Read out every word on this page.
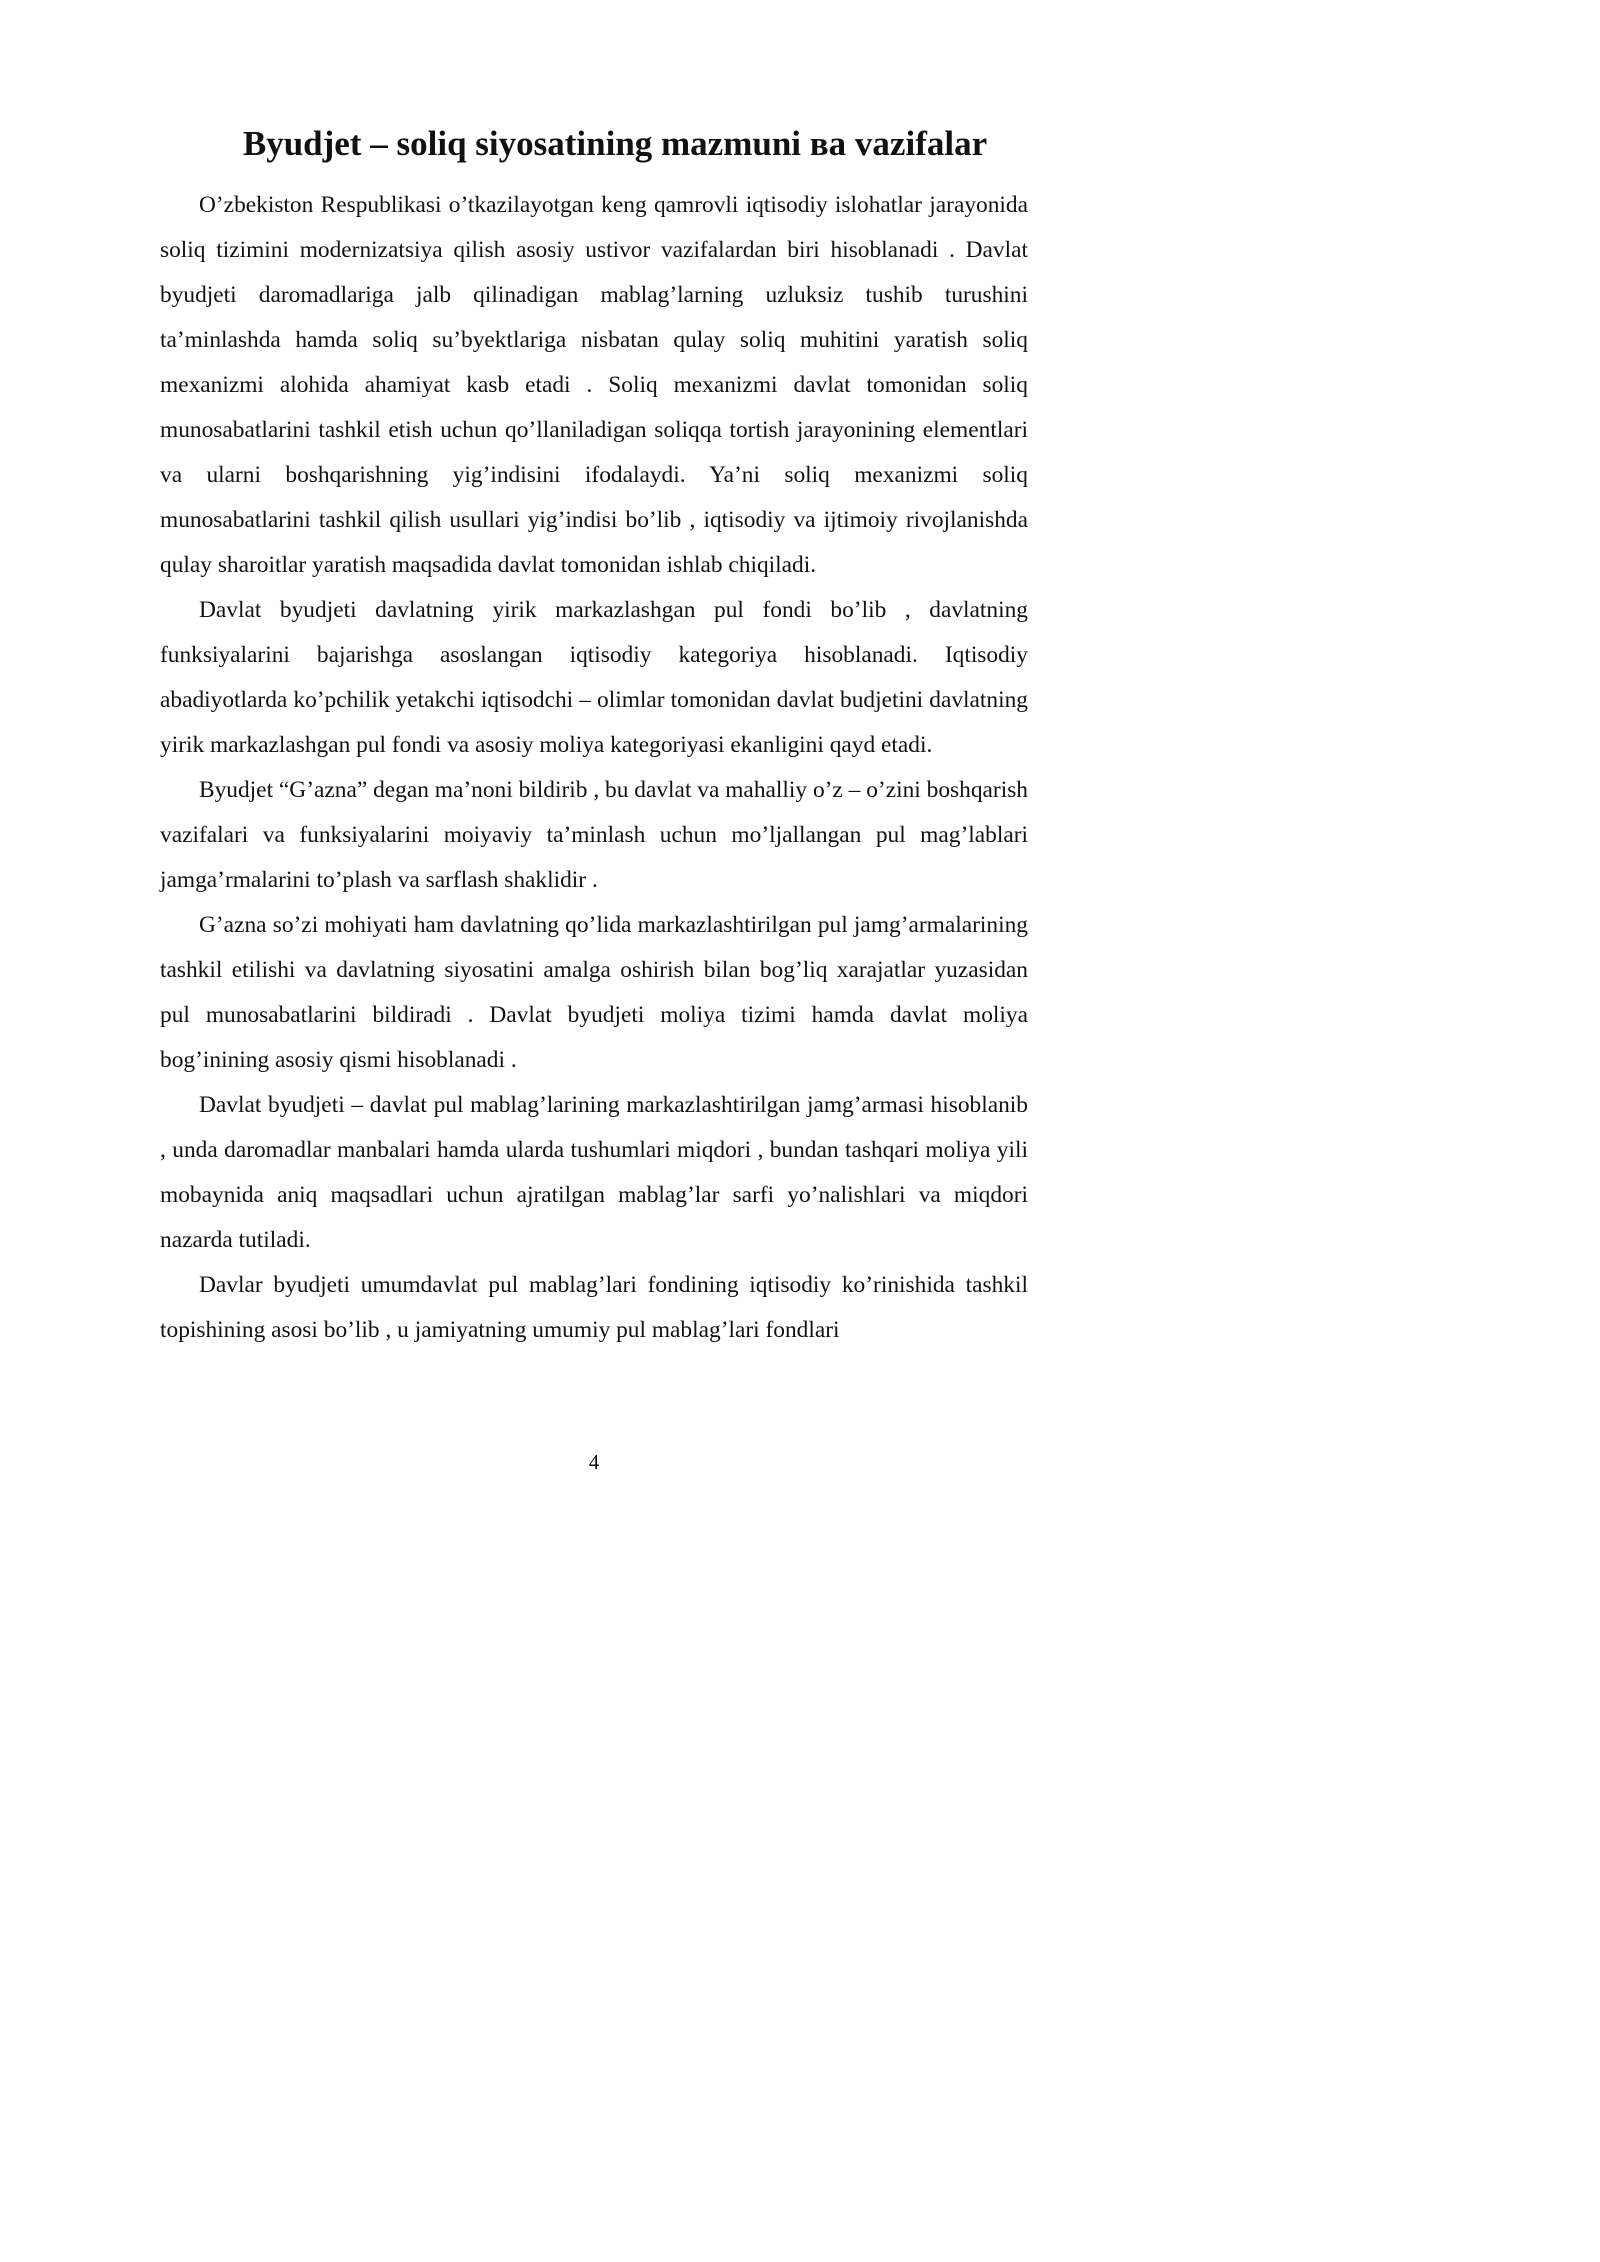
Byudjet – soliq siyosatining mazmuni ва vazifalar

O’zbekiston Respublikasi o’tkazilayotgan keng qamrovli iqtisodiy islohatlar jarayonida soliq tizimini modernizatsiya qilish asosiy ustivor vazifalardan biri hisoblanadi . Davlat byudjeti daromadlariga jalb qilinadigan mablag’larning uzluksiz tushib turushini ta’minlashda hamda soliq su’byektlariga nisbatan qulay soliq muhitini yaratish soliq mexanizmi alohida ahamiyat kasb etadi . Soliq mexanizmi davlat tomonidan soliq munosabatlarini tashkil etish uchun qo’llaniladigan soliqqa tortish jarayonining elementlari va ularni boshqarishning yig’indisini ifodalaydi. Ya’ni soliq mexanizmi soliq munosabatlarini tashkil qilish usullari yig’indisi bo’lib , iqtisodiy va ijtimoiy rivojlanishda qulay sharoitlar yaratish maqsadida davlat tomonidan ishlab chiqiladi.

Davlat byudjeti davlatning yirik markazlashgan pul fondi bo’lib , davlatning funksiyalarini bajarishga asoslangan iqtisodiy kategoriya hisoblanadi. Iqtisodiy abadiyotlarda ko’pchilik yetakchi iqtisodchi – olimlar tomonidan davlat budjetini davlatning yirik markazlashgan pul fondi va asosiy moliya kategoriyasi ekanligini qayd etadi.

Byudjet “G’azna” degan ma’noni bildirib , bu davlat va mahalliy o’z – o’zini boshqarish vazifalari va funksiyalarini moiyaviy ta’minlash uchun mo’ljallangan pul mag’lablari jamga’rmalarini to’plash va sarflash shaklidir .

G’azna so’zi mohiyati ham davlatning qo’lida markazlashtirilgan pul jamg’armalarining tashkil etilishi va davlatning siyosatini amalga oshirish bilan bog’liq xarajatlar yuzasidan pul munosabatlarini bildiradi . Davlat byudjeti moliya tizimi hamda davlat moliya bog’inining asosiy qismi hisoblanadi .

Davlat byudjeti – davlat pul mablag’larining markazlashtirilgan jamg’armasi hisoblanib , unda daromadlar manbalari hamda ularda tushumlari miqdori , bundan tashqari moliya yili mobaynida aniq maqsadlari uchun ajratilgan mablag’lar sarfi yo’nalishlari va miqdori nazarda tutiladi.

Davlar byudjeti umumdavlat pul mablag’lari fondining iqtisodiy ko’rinishida tashkil topishining asosi bo’lib , u jamiyatning umumiy pul mablag’lari fondlari

4
